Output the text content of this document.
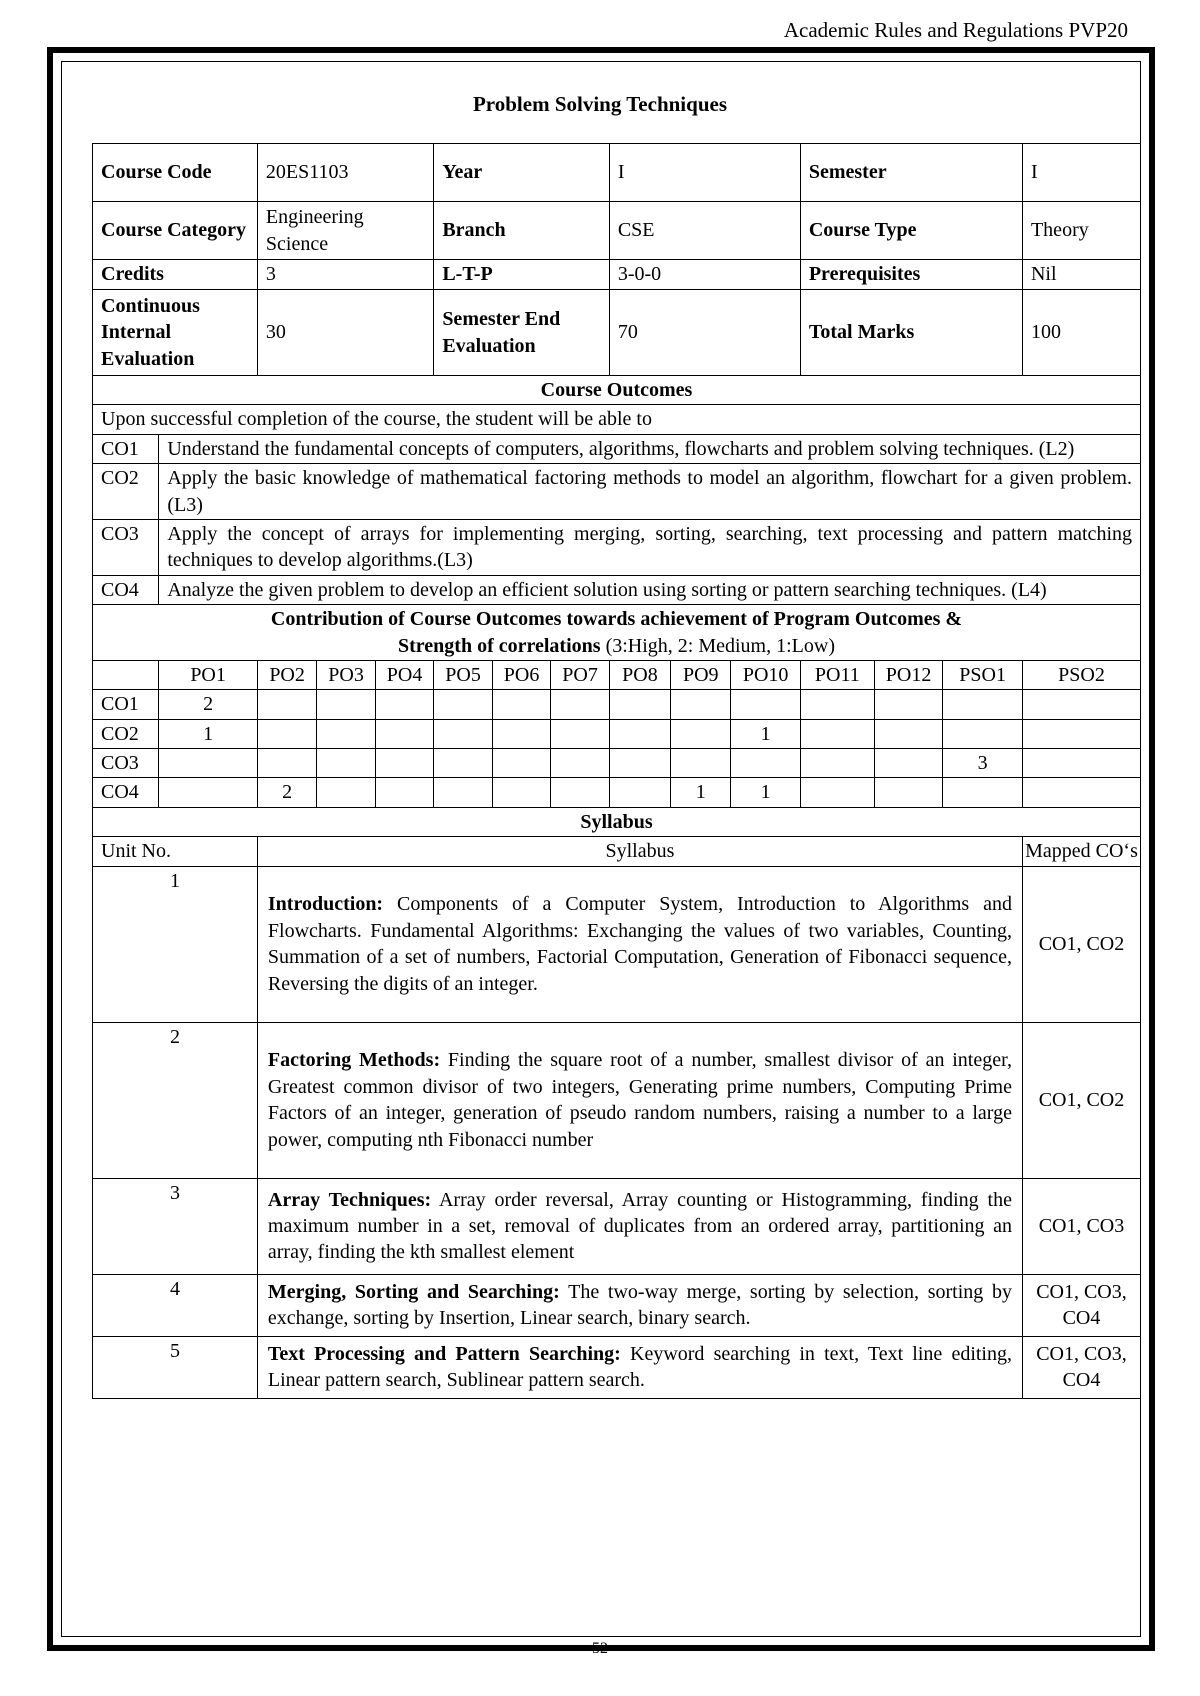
Academic Rules and Regulations PVP20
Problem Solving Techniques
Course Code		20ES1103			Year			I			Semester			I
Course Category		Engineering Science			Branch			CSE			Course Type			Theory
Credits		3			L-T-P			3-0-0			Prerequisites			Nil
Continuous Internal Evaluation		30			Semester End Evaluation			70			Total Marks			100
Course Outcomes														
Upon successful completion of the course, the student will be able to														
CO1	Understand the fundamental concepts of computers, algorithms, flowcharts and problem solving techniques. (L2)													
CO2	Apply the basic knowledge of mathematical factoring methods to model an algorithm, flowchart for a given problem. (L3)													
CO3	Apply the concept of arrays for implementing merging, sorting, searching, text processing and pattern matching techniques to develop algorithms.(L3)													
CO4	Analyze the given problem to develop an efficient solution using sorting or pattern searching techniques. (L4)													

Contribution of Course Outcomes towards achievement of Program Outcomes &
Strength of correlations (3:High, 2: Medium, 1:Low)														

	PO1	PO2	PO3	PO4	PO5	PO6	PO7	PO8	PO9	PO10	PO11	PO12	PSO1	PSO2
CO1	2													
CO2	1									1				
CO3													3	
CO4		2							1	1				
Syllabus														
Unit No.		Syllabus												Mapped CO‘s
1		Introduction: Components of a Computer System, Introduction to Algorithms and Flowcharts. Fundamental Algorithms: Exchanging the values of two variables, Counting, Summation of a set of numbers, Factorial Computation, Generation of Fibonacci sequence, Reversing the digits of an integer.												CO1, CO2
2		Factoring Methods: Finding the square root of a number, smallest divisor of an integer, Greatest common divisor of two integers, Generating prime numbers, Computing Prime Factors of an integer, generation of pseudo random numbers, raising a number to a large power, computing nth Fibonacci number												CO1, CO2
3		Array Techniques: Array order reversal, Array counting or Histogramming, finding the maximum number in a set, removal of duplicates from an ordered array, partitioning an array, finding the kth smallest element												CO1, CO3
4		Merging, Sorting and Searching: The two-way merge, sorting by selection, sorting by exchange, sorting by Insertion, Linear search, binary search.												CO1, CO3, CO4
5		Text Processing and Pattern Searching: Keyword searching in text, Text line editing, Linear pattern search, Sublinear pattern search.												CO1, CO3, CO4
52
